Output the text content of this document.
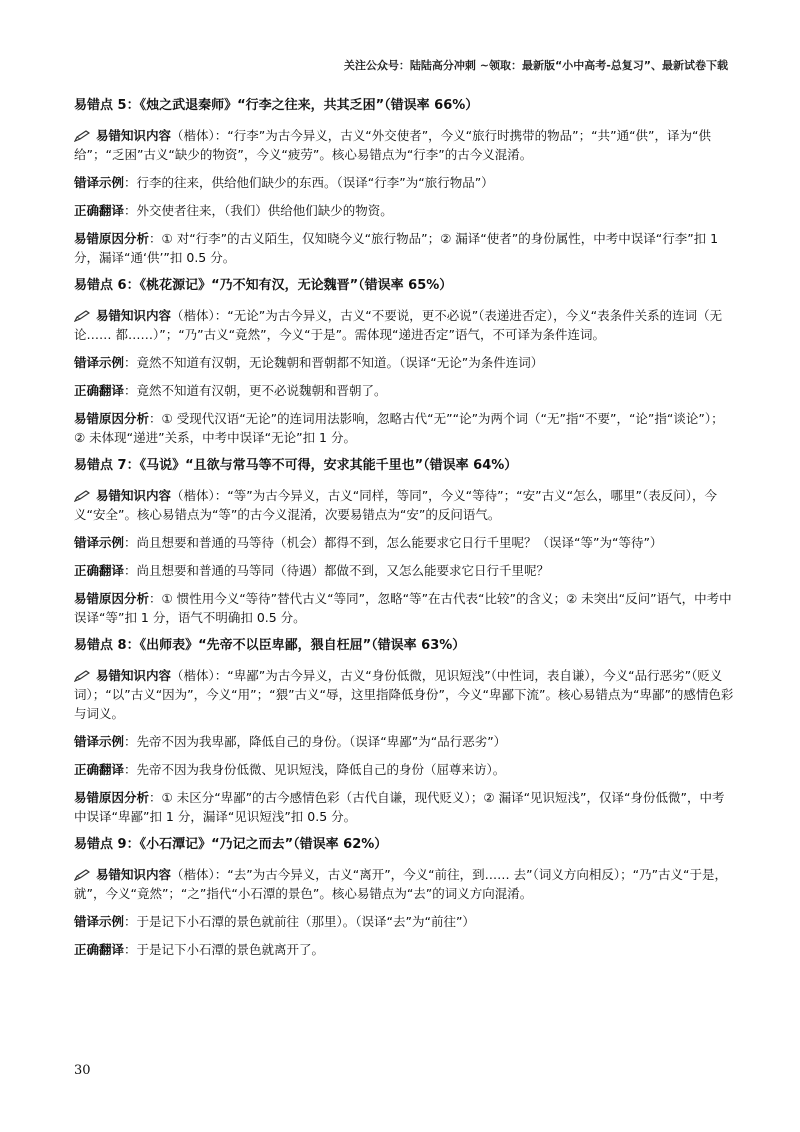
关注公众号：陆陆高分冲刺 ~领取：最新版“小中高考-总复习”、最新试卷下载
易错点 5：《烛之武退秦师》“行李之往来，共其乏困”（错误率 66%）
易错知识内容（楷体）：“行李”为古今异义，古义“外交使者”，今义“旅行时携带的物品”；“共”通“供”，译为“供给”；“乏困”古义“缺少的物资”，今义“疲劳”。核心易错点为“行李”的古今义混淆。
错译示例：行李的往来，供给他们缺少的东西。（误译“行李”为“旅行物品”）
正确翻译：外交使者往来，（我们）供给他们缺少的物资。
易错原因分析：① 对“行李”的古义陌生，仅知晓今义“旅行物品”；② 漏译“使者”的身份属性，中考中误译“行李”扣 1 分，漏译“通‘供’”扣 0.5 分。
易错点 6：《桃花源记》“乃不知有汉，无论魏晋”（错误率 65%）
易错知识内容（楷体）：“无论”为古今异义，古义“不要说，更不必说”（表递进否定），今义“表条件关系的连词（无论…… 都……）”；“乃”古义“竟然”，今义“于是”。需体现“递进否定”语气，不可译为条件连词。
错译示例：竟然不知道有汉朝，无论魏朝和晋朝都不知道。（误译“无论”为条件连词）
正确翻译：竟然不知道有汉朝，更不必说魏朝和晋朝了。
易错原因分析：① 受现代汉语“无论”的连词用法影响，忽略古代“无”“论”为两个词（“无”指“不要”，“论”指“谈论”）；② 未体现“递进”关系，中考中误译“无论”扣 1 分。
易错点 7：《马说》“且欲与常马等不可得，安求其能千里也”（错误率 64%）
易错知识内容（楷体）：“等”为古今异义，古义“同样，等同”，今义“等待”；“安”古义“怎么，哪里”（表反问），今义“安全”。核心易错点为“等”的古今义混淆，次要易错点为“安”的反问语气。
错译示例：尚且想要和普通的马等待（机会）都得不到，怎么能要求它日行千里呢？（误译“等”为“等待”）
正确翻译：尚且想要和普通的马等同（待遇）都做不到，又怎么能要求它日行千里呢？
易错原因分析：① 惯性用今义“等待”替代古义“等同”，忽略“等”在古代表“比较”的含义；② 未突出“反问”语气，中考中误译“等”扣 1 分，语气不明确扣 0.5 分。
易错点 8：《出师表》“先帝不以臣卑鄙，猥自枉屈”（错误率 63%）
易错知识内容（楷体）：“卑鄙”为古今异义，古义“身份低微，见识短浅”（中性词，表自谦），今义“品行恶劣”（贬义词）；“以”古义“因为”，今义“用”；“猥”古义“辱，这里指降低身份”，今义“卑鄙下流”。核心易错点为“卑鄙”的感情色彩与词义。
错译示例：先帝不因为我卑鄙，降低自己的身份。（误译“卑鄙”为“品行恶劣”）
正确翻译：先帝不因为我身份低微、见识短浅，降低自己的身份（屈尊来访）。
易错原因分析：① 未区分“卑鄙”的古今感情色彩（古代自谦，现代贬义）；② 漏译“见识短浅”，仅译“身份低微”，中考中误译“卑鄙”扣 1 分，漏译“见识短浅”扣 0.5 分。
易错点 9：《小石潭记》“乃记之而去”（错误率 62%）
易错知识内容（楷体）：“去”为古今异义，古义“离开”，今义“前往，到…… 去”（词义方向相反）；“乃”古义“于是，就”，今义“竟然”；“之”指代“小石潭的景色”。核心易错点为“去”的词义方向混淆。
错译示例：于是记下小石潭的景色就前往（那里）。（误译“去”为“前往”）
正确翻译：于是记下小石潭的景色就离开了。
30
